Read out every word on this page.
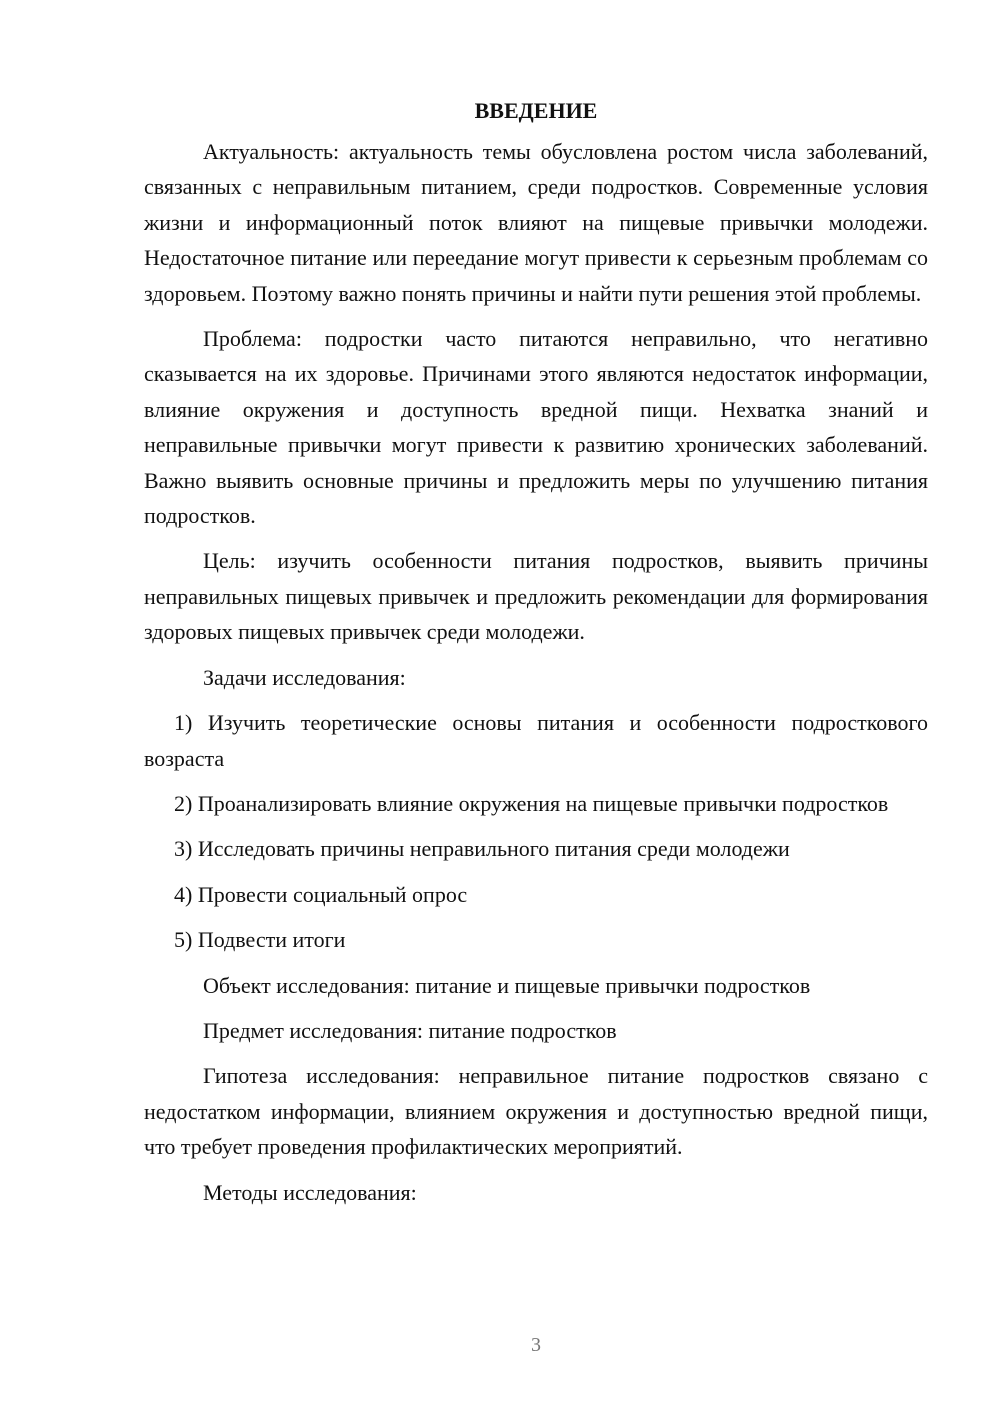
ВВЕДЕНИЕ

Актуальность: актуальность темы обусловлена ростом числа заболеваний, связанных с неправильным питанием, среди подростков. Современные условия жизни и информационный поток влияют на пищевые привычки молодежи. Недостаточное питание или переедание могут привести к серьезным проблемам со здоровьем. Поэтому важно понять причины и найти пути решения этой проблемы.

Проблема: подростки часто питаются неправильно, что негативно сказывается на их здоровье. Причинами этого являются недостаток информации, влияние окружения и доступность вредной пищи. Нехватка знаний и неправильные привычки могут привести к развитию хронических заболеваний. Важно выявить основные причины и предложить меры по улучшению питания подростков.

Цель: изучить особенности питания подростков, выявить причины неправильных пищевых привычек и предложить рекомендации для формирования здоровых пищевых привычек среди молодежи.

Задачи исследования:

1) Изучить теоретические основы питания и особенности подросткового возраста

2) Проанализировать влияние окружения на пищевые привычки подростков

3) Исследовать причины неправильного питания среди молодежи

4) Провести социальный опрос

5) Подвести итоги

Объект исследования: питание и пищевые привычки подростков

Предмет исследования: питание подростков

Гипотеза исследования: неправильное питание подростков связано с недостатком информации, влиянием окружения и доступностью вредной пищи, что требует проведения профилактических мероприятий.

Методы исследования:

3
